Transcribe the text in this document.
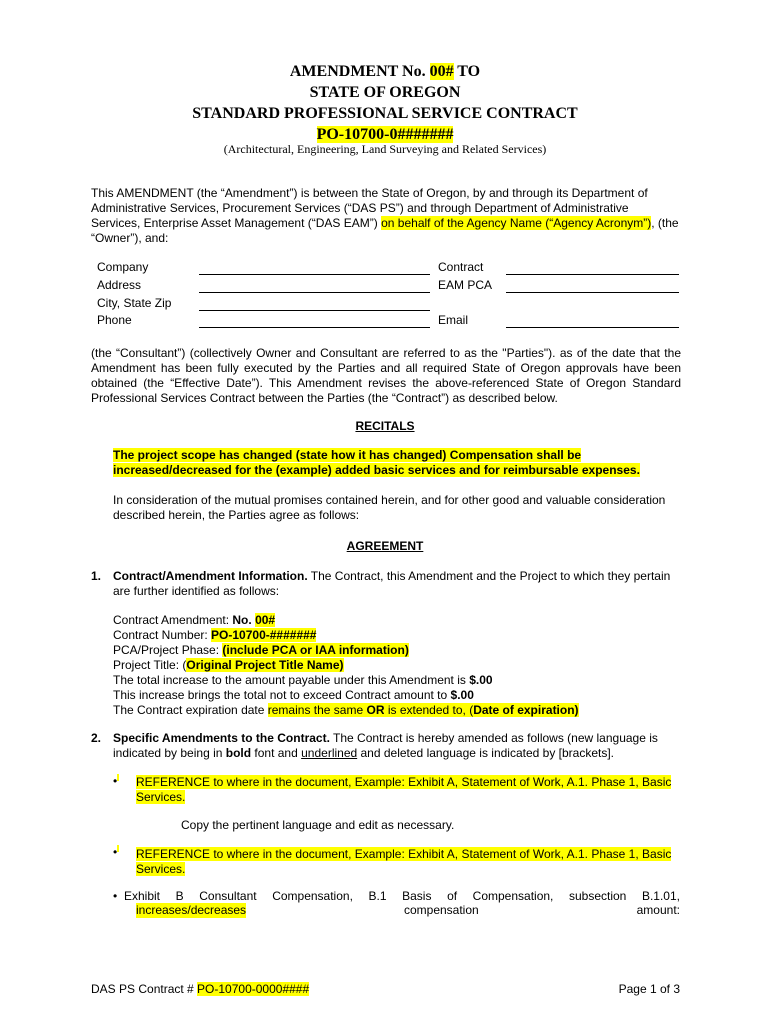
AMENDMENT No. 00# TO
STATE OF OREGON
STANDARD PROFESSIONAL SERVICE CONTRACT
PO-10700-0#######
(Architectural, Engineering, Land Surveying and Related Services)
This AMENDMENT (the “Amendment”) is between the State of Oregon, by and through its Department of Administrative Services, Procurement Services (“DAS PS”) and through Department of Administrative Services, Enterprise Asset Management (“DAS EAM”) on behalf of the Agency Name (“Agency Acronym”), (the “Owner”), and:
Company	Contract
Address	EAM PCA
City, State Zip
Phone	Email
(the “Consultant”) (collectively Owner and Consultant are referred to as the "Parties"). as of the date that the Amendment has been fully executed by the Parties and all required State of Oregon approvals have been obtained (the “Effective Date”). This Amendment revises the above-referenced State of Oregon Standard Professional Services Contract between the Parties (the “Contract”) as described below.
RECITALS
The project scope has changed (state how it has changed) Compensation shall be increased/decreased for the (example) added basic services and for reimbursable expenses.
In consideration of the mutual promises contained herein, and for other good and valuable consideration described herein, the Parties agree as follows:
AGREEMENT
1. Contract/Amendment Information. The Contract, this Amendment and the Project to which they pertain are further identified as follows:
Contract Amendment: No. 00#
Contract Number: PO-10700-#######
PCA/Project Phase: (include PCA or IAA information)
Project Title: (Original Project Title Name)
The total increase to the amount payable under this Amendment is $.00
This increase brings the total not to exceed Contract amount to $.00
The Contract expiration date remains the same OR is extended to, (Date of expiration)
2. Specific Amendments to the Contract. The Contract is hereby amended as follows (new language is indicated by being in bold font and underlined and deleted language is indicated by [brackets].
•​ REFERENCE to where in the document, Example: Exhibit A, Statement of Work, A.1. Phase 1, Basic Services.
Copy the pertinent language and edit as necessary.
•​ REFERENCE to where in the document, Example: Exhibit A, Statement of Work, A.1. Phase 1, Basic Services.
• Exhibit B Consultant Compensation, B.1 Basis of Compensation, subsection B.1.01,
increases/decreases	compensation	amount:
DAS PS Contract # PO-10700-0000####	Page 1 of 3
